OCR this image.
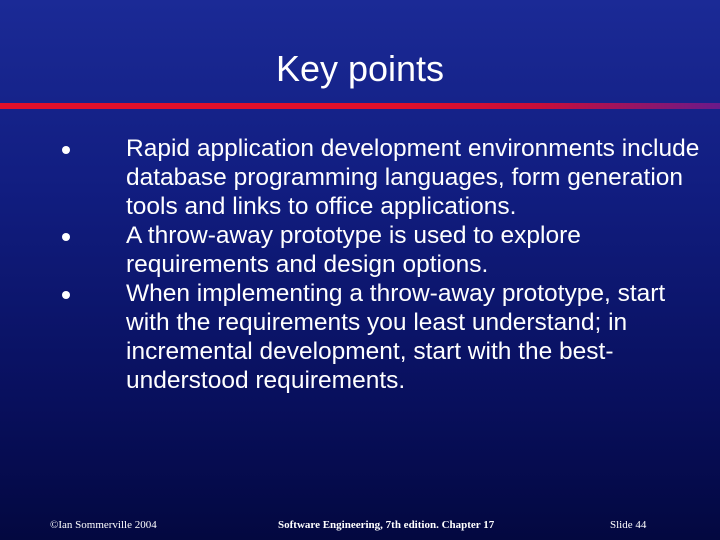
Key points
Rapid application development environments include database programming languages, form generation tools and links to office applications.
A throw-away prototype is used to explore requirements and design options.
When implementing a throw-away prototype, start with the requirements you least understand; in incremental development, start with the best-understood requirements.
©Ian Sommerville 2004	Software Engineering, 7th edition. Chapter 17	Slide 44
